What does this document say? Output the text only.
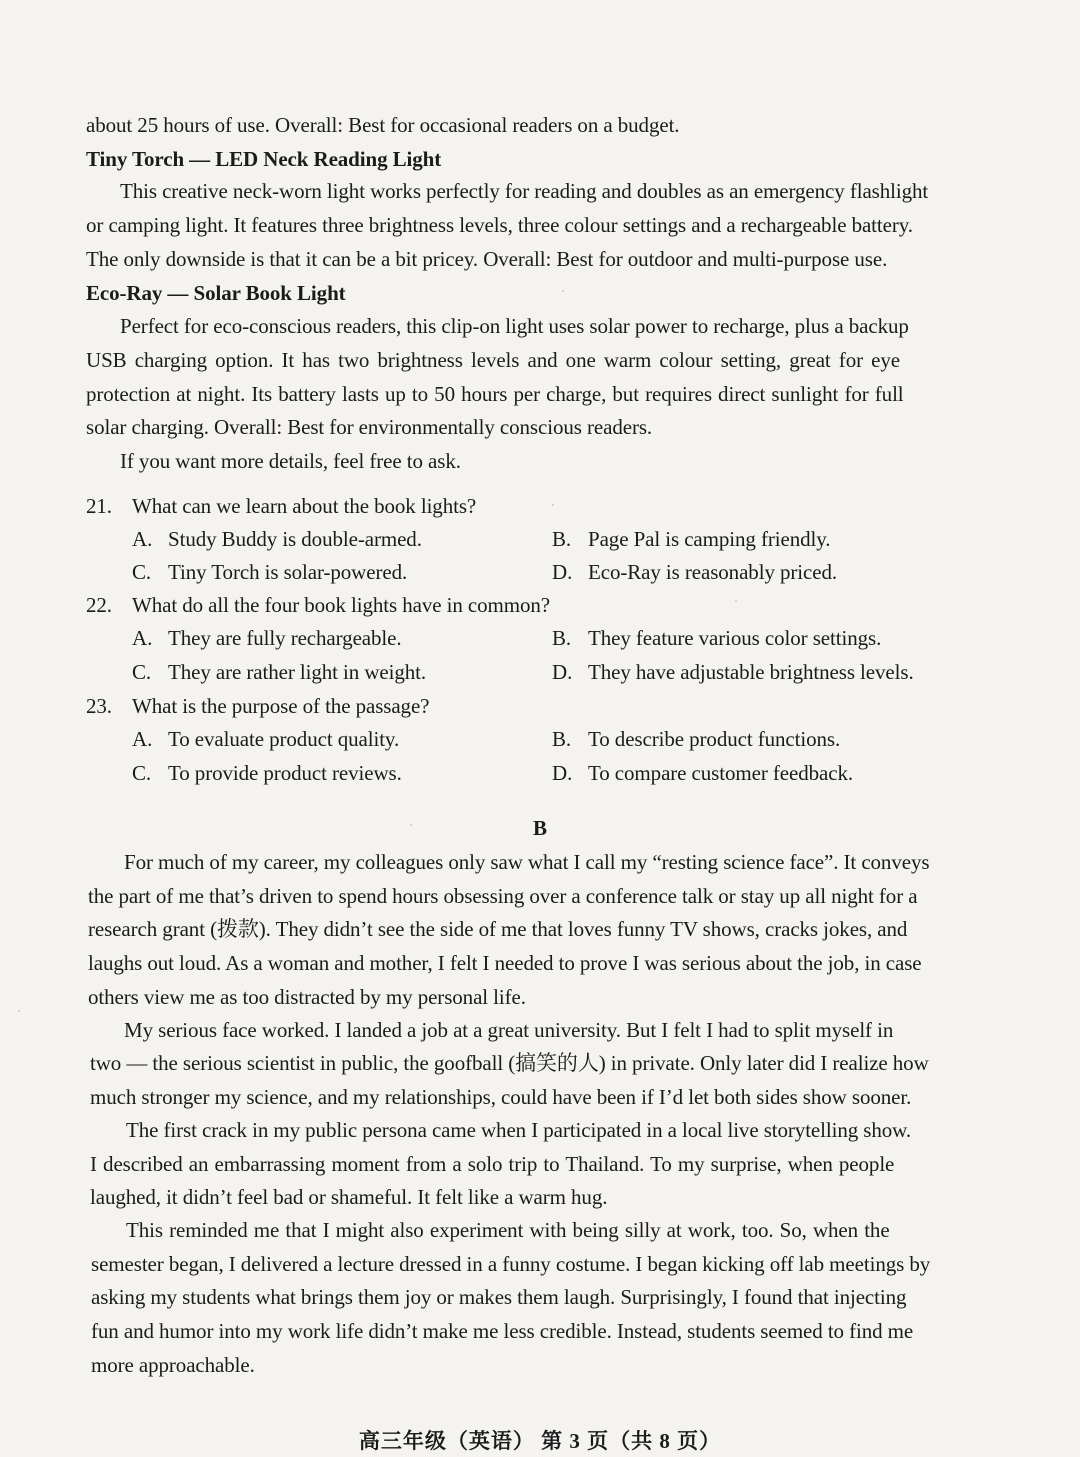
about 25 hours of use. Overall: Best for occasional readers on a budget.
Tiny Torch — LED Neck Reading Light
This creative neck-worn light works perfectly for reading and doubles as an emergency flashlight
or camping light. It features three brightness levels, three colour settings and a rechargeable battery.
The only downside is that it can be a bit pricey. Overall: Best for outdoor and multi-purpose use.
Eco-Ray — Solar Book Light
Perfect for eco-conscious readers, this clip-on light uses solar power to recharge, plus a backup
USB charging option. It has two brightness levels and one warm colour setting, great for eye
protection at night. Its battery lasts up to 50 hours per charge, but requires direct sunlight for full
solar charging. Overall: Best for environmentally conscious readers.
If you want more details, feel free to ask.
21. What can we learn about the book lights?
A. Study Buddy is double-armed.	B. Page Pal is camping friendly.
C. Tiny Torch is solar-powered.	D. Eco-Ray is reasonably priced.
22. What do all the four book lights have in common?
A. They are fully rechargeable.	B. They feature various color settings.
C. They are rather light in weight.	D. They have adjustable brightness levels.
23. What is the purpose of the passage?
A. To evaluate product quality.	B. To describe product functions.
C. To provide product reviews.	D. To compare customer feedback.
B
For much of my career, my colleagues only saw what I call my “resting science face”. It conveys
the part of me that’s driven to spend hours obsessing over a conference talk or stay up all night for a
research grant (拨款). They didn’t see the side of me that loves funny TV shows, cracks jokes, and
laughs out loud. As a woman and mother, I felt I needed to prove I was serious about the job, in case
others view me as too distracted by my personal life.
My serious face worked. I landed a job at a great university. But I felt I had to split myself in
two — the serious scientist in public, the goofball (搞笑的人) in private. Only later did I realize how
much stronger my science, and my relationships, could have been if I’d let both sides show sooner.
The first crack in my public persona came when I participated in a local live storytelling show.
I described an embarrassing moment from a solo trip to Thailand. To my surprise, when people
laughed, it didn’t feel bad or shameful. It felt like a warm hug.
This reminded me that I might also experiment with being silly at work, too. So, when the
semester began, I delivered a lecture dressed in a funny costume. I began kicking off lab meetings by
asking my students what brings them joy or makes them laugh. Surprisingly, I found that injecting
fun and humor into my work life didn’t make me less credible. Instead, students seemed to find me
more approachable.
高三年级（英语） 第 3 页（共 8 页）
